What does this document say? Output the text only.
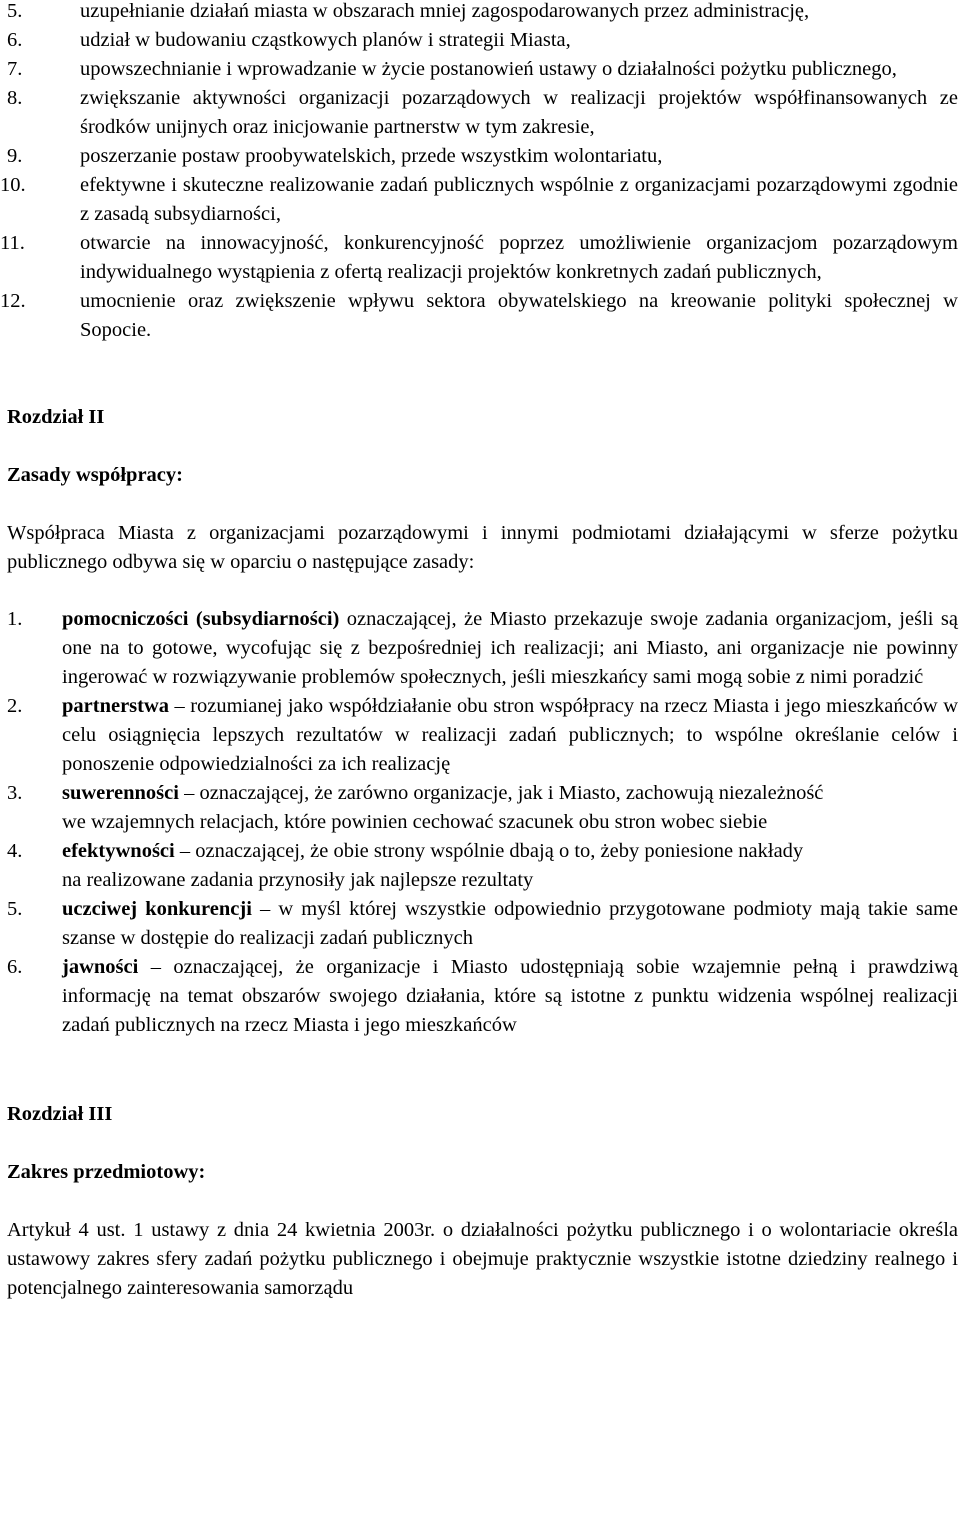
5.	uzupełnianie działań miasta w obszarach mniej zagospodarowanych przez administrację,
6.	udział w budowaniu cząstkowych planów i strategii Miasta,
7.	upowszechnianie i wprowadzanie w życie postanowień ustawy o działalności pożytku publicznego,
8.	zwiększanie aktywności organizacji pozarządowych w realizacji projektów współfinansowanych ze środków unijnych oraz inicjowanie partnerstw w tym zakresie,
9.	poszerzanie postaw proobywatelskich, przede wszystkim wolontariatu,
10.	efektywne i skuteczne realizowanie zadań publicznych wspólnie z organizacjami pozarządowymi zgodnie z zasadą subsydiarności,
11.	otwarcie na innowacyjność, konkurencyjność poprzez umożliwienie organizacjom pozarządowym indywidualnego wystąpienia z ofertą realizacji projektów konkretnych zadań publicznych,
12.	umocnienie oraz zwiększenie wpływu sektora obywatelskiego na kreowanie polityki społecznej w Sopocie.
Rozdział II
Zasady współpracy:

Współpraca Miasta z organizacjami pozarządowymi i innymi podmiotami działającymi w sferze pożytku publicznego odbywa się w oparciu o następujące zasady:

1. pomocniczości (subsydiarności) oznaczającej, że Miasto przekazuje swoje zadania organizacjom, jeśli są one na to gotowe, wycofując się z bezpośredniej ich realizacji; ani Miasto, ani organizacje nie powinny ingerować w rozwiązywanie problemów społecznych, jeśli mieszkańcy sami mogą sobie z nimi poradzić
2. partnerstwa – rozumianej jako współdziałanie obu stron współpracy na rzecz Miasta i jego mieszkańców w celu osiągnięcia lepszych rezultatów w realizacji zadań publicznych; to wspólne określanie celów i ponoszenie odpowiedzialności za ich realizację
3. suwerenności – oznaczającej, że zarówno organizacje, jak i Miasto, zachowują niezależność
we wzajemnych relacjach, które powinien cechować szacunek obu stron wobec siebie
4. efektywności – oznaczającej, że obie strony wspólnie dbają o to, żeby poniesione nakłady
na realizowane zadania przynosiły jak najlepsze rezultaty
5. uczciwej konkurencji – w myśl której wszystkie odpowiednio przygotowane podmioty mają takie same szanse w dostępie do realizacji zadań publicznych
6. jawności – oznaczającej, że organizacje i Miasto udostępniają sobie wzajemnie pełną i prawdziwą informację na temat obszarów swojego działania, które są istotne z punktu widzenia wspólnej realizacji zadań publicznych na rzecz Miasta i jego mieszkańców
Rozdział III
Zakres przedmiotowy:

Artykuł 4 ust. 1 ustawy z dnia 24 kwietnia 2003r. o działalności pożytku publicznego i o wolontariacie określa ustawowy zakres sfery zadań pożytku publicznego i obejmuje praktycznie wszystkie istotne dziedziny realnego i potencjalnego zainteresowania samorządu
